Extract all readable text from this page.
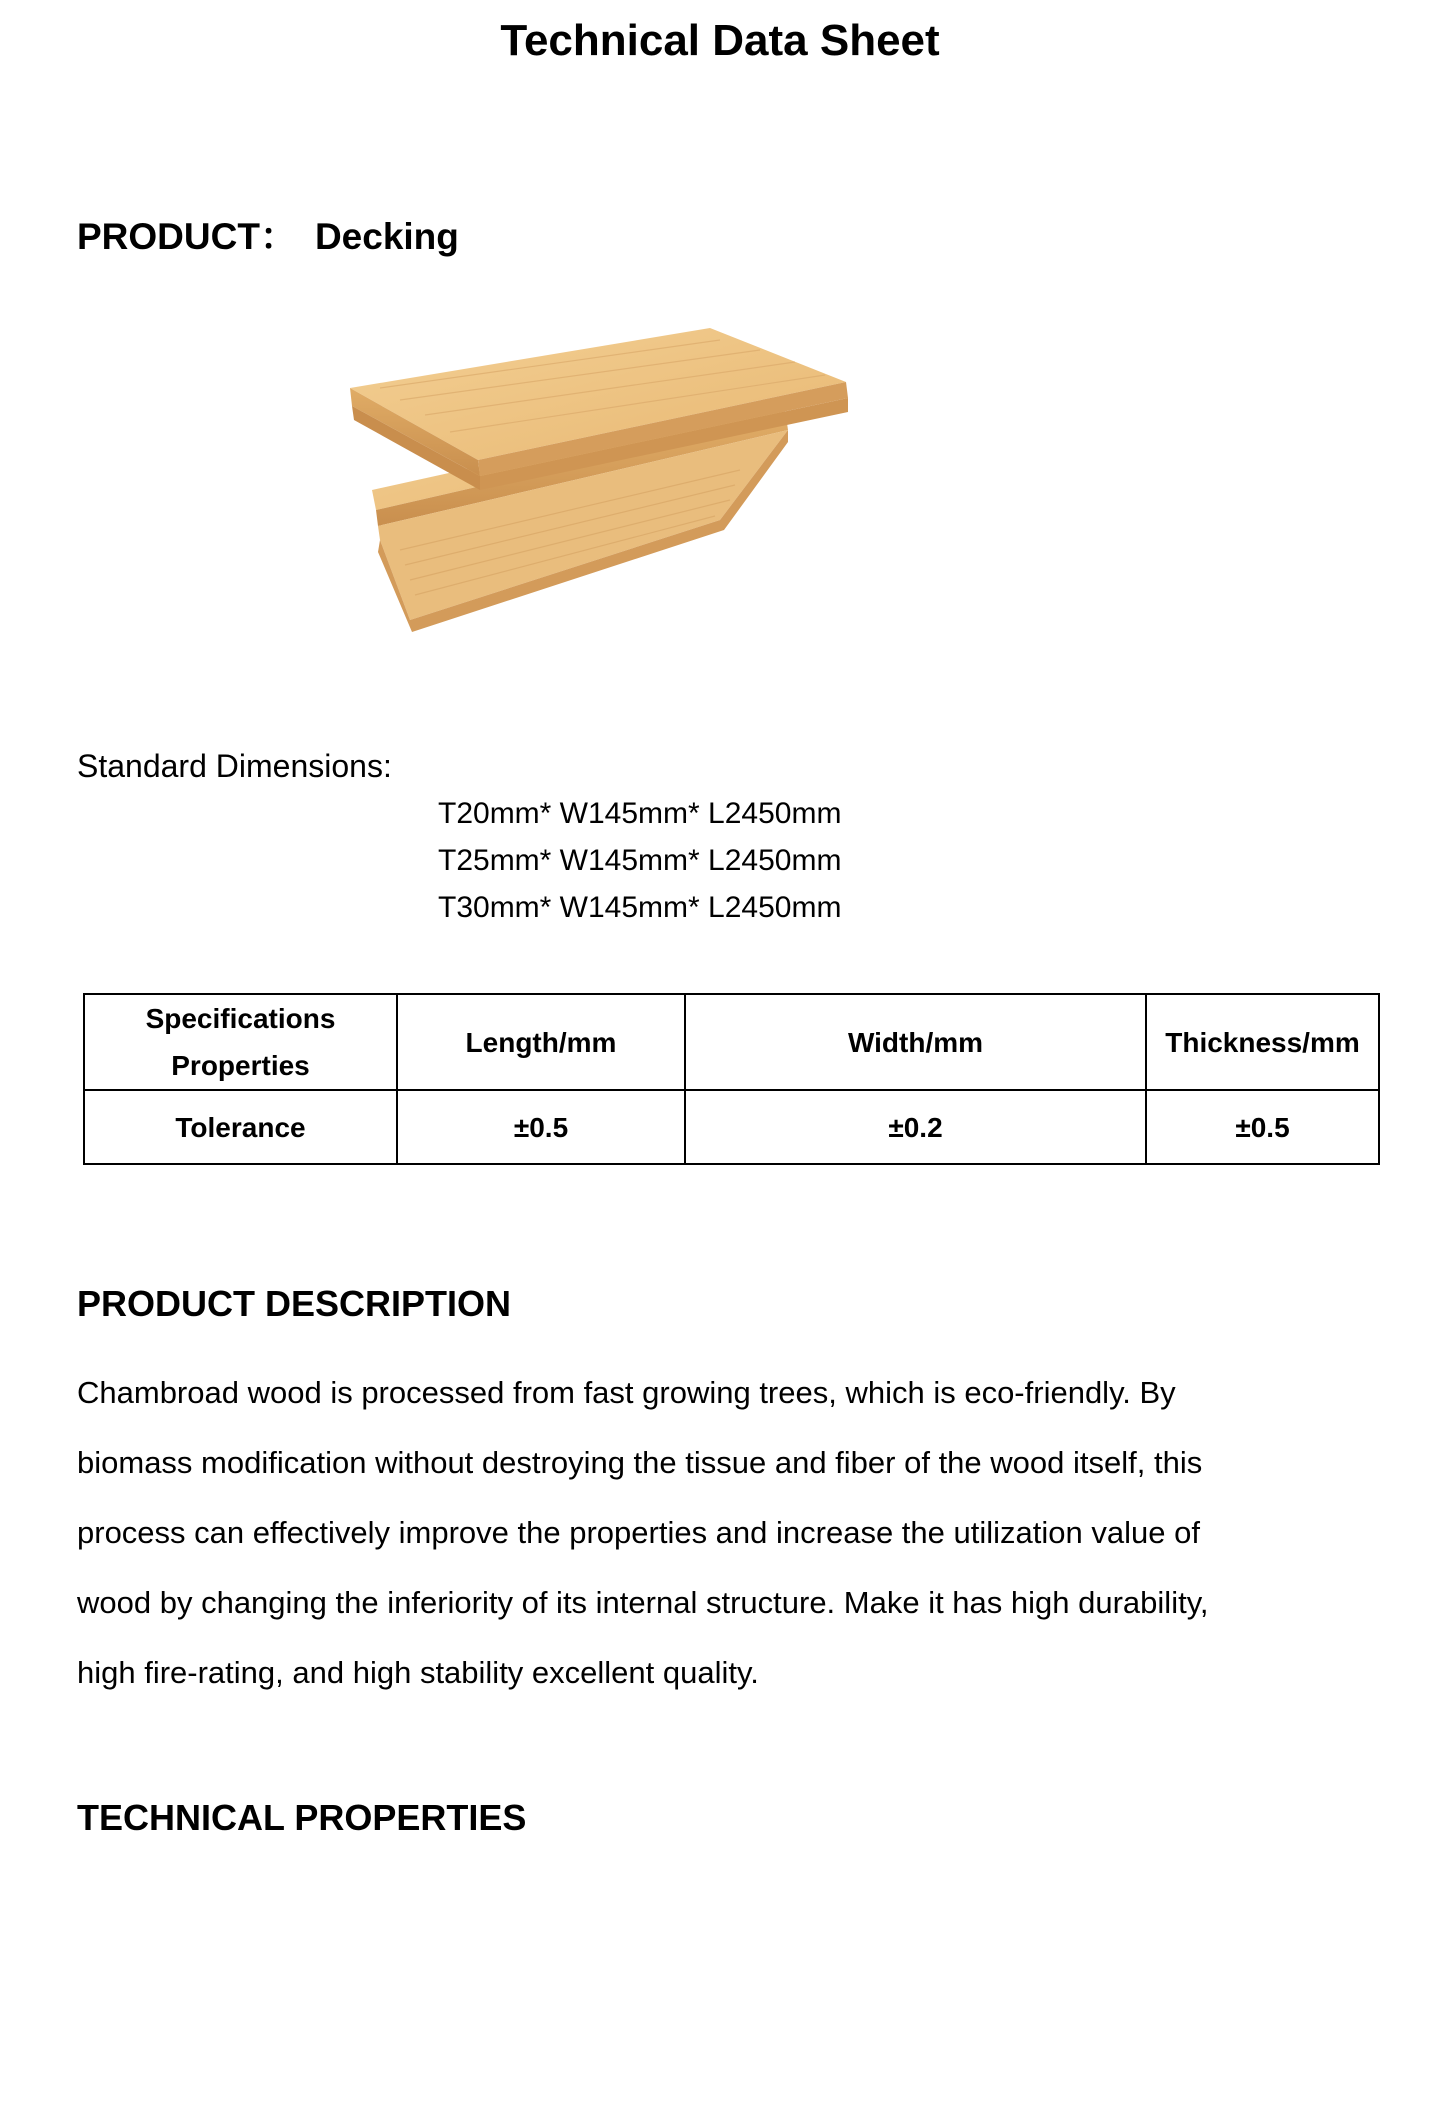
Technical Data Sheet
PRODUCT： Decking
Standard Dimensions:
T20mm* W145mm* L2450mm
T25mm* W145mm* L2450mm
T30mm* W145mm* L2450mm
Specifications
Properties	Length/mm	Width/mm	Thickness/mm
Tolerance	±0.5	±0.2	±0.5
PRODUCT DESCRIPTION
Chambroad wood is processed from fast growing trees, which is eco-friendly. By
biomass modification without destroying the tissue and fiber of the wood itself, this
process can effectively improve the properties and increase the utilization value of
wood by changing the inferiority of its internal structure. Make it has high durability,
high fire-rating, and high stability excellent quality.
TECHNICAL PROPERTIES
